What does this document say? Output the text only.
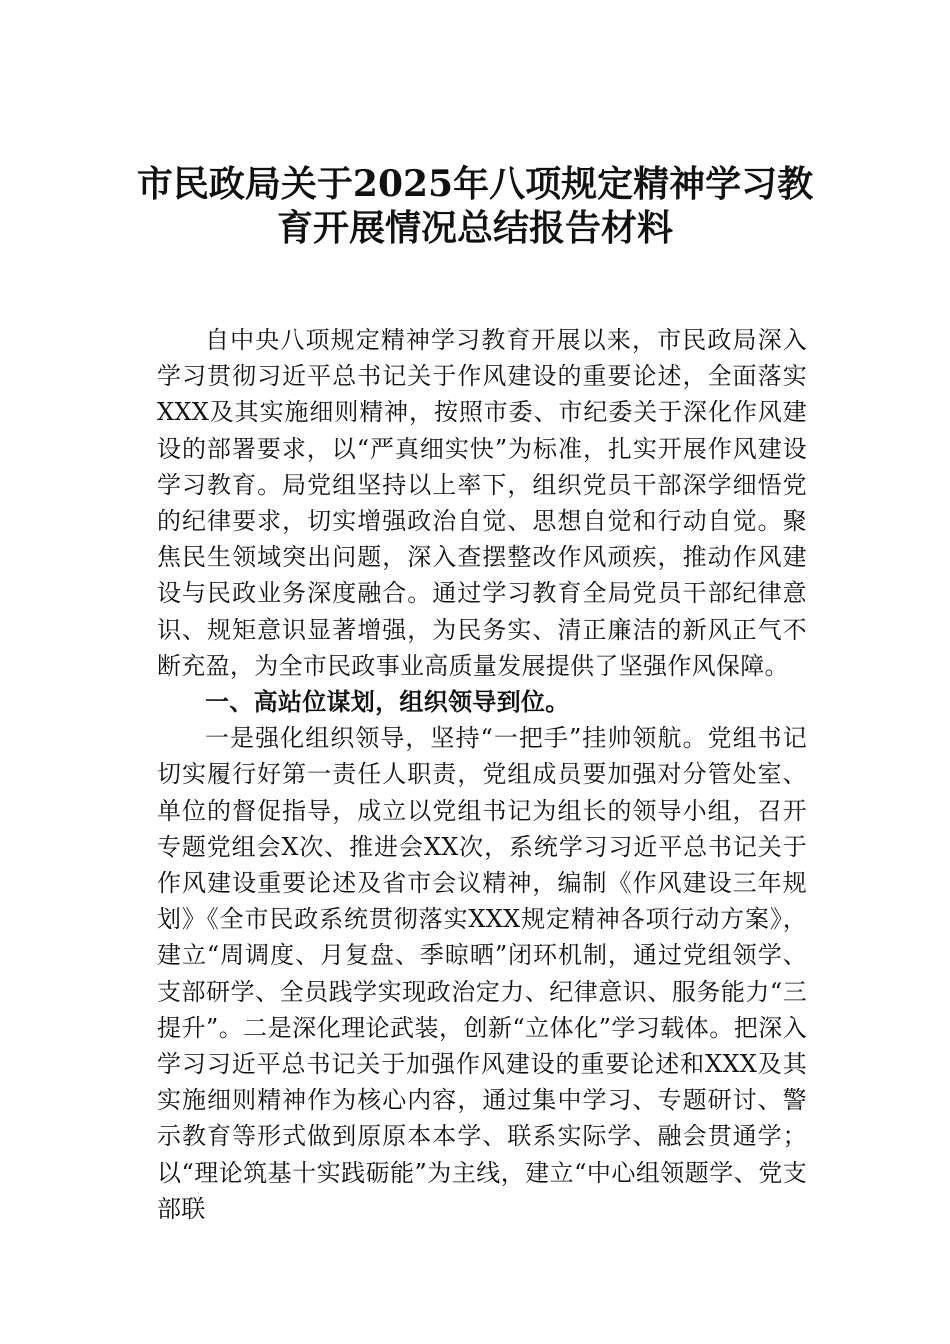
市民政局关于2025年八项规定精神学习教
育开展情况总结报告材料

自中央八项规定精神学习教育开展以来，市民政局深入学习贯彻习近平总书记关于作风建设的重要论述，全面落实XXX及其实施细则精神，按照市委、市纪委关于深化作风建设的部署要求，以“严真细实快”为标准，扎实开展作风建设学习教育。局党组坚持以上率下，组织党员干部深学细悟党的纪律要求，切实增强政治自觉、思想自觉和行动自觉。聚焦民生领域突出问题，深入查摆整改作风顽疾，推动作风建设与民政业务深度融合。通过学习教育全局党员干部纪律意识、规矩意识显著增强，为民务实、清正廉洁的新风正气不断充盈，为全市民政事业高质量发展提供了坚强作风保障。

一、高站位谋划，组织领导到位。

一是强化组织领导，坚持“一把手”挂帅领航。党组书记切实履行好第一责任人职责，党组成员要加强对分管处室、单位的督促指导，成立以党组书记为组长的领导小组，召开专题党组会X次、推进会XX次，系统学习习近平总书记关于作风建设重要论述及省市会议精神，编制《作风建设三年规划》《全市民政系统贯彻落实XXX规定精神各项行动方案》，建立“周调度、月复盘、季晾晒”闭环机制，通过党组领学、支部研学、全员践学实现政治定力、纪律意识、服务能力“三提升”。二是深化理论武装，创新“立体化”学习载体。把深入学习习近平总书记关于加强作风建设的重要论述和XXX及其实施细则精神作为核心内容，通过集中学习、专题研讨、警示教育等形式做到原原本本学、联系实际学、融会贯通学；以“理论筑基十实践砺能”为主线，建立“中心组领题学、党支部联
